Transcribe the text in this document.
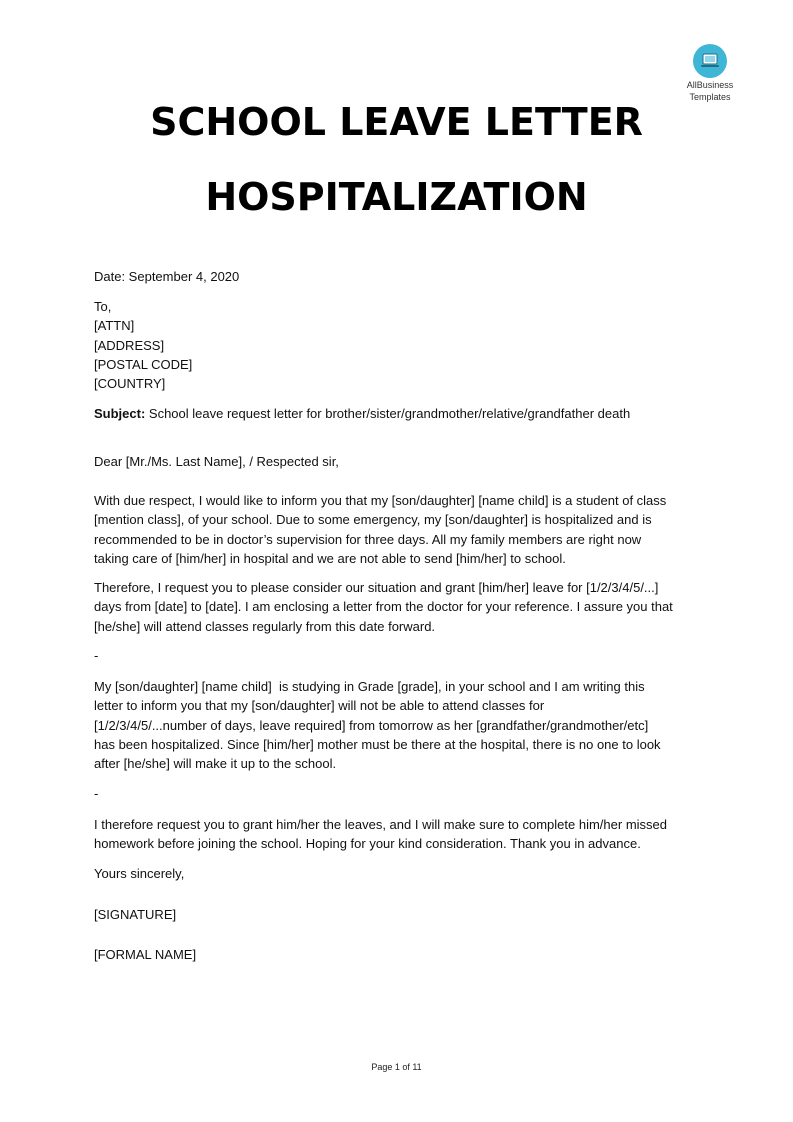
AllBusiness
Templates
SCHOOL LEAVE LETTER
HOSPITALIZATION
Date: September 4, 2020
To,
[ATTN]
[ADDRESS]
[POSTAL CODE]
[COUNTRY]
Subject: School leave request letter for brother/sister/grandmother/relative/grandfather death
Dear [Mr./Ms. Last Name], / Respected sir,
With due respect, I would like to inform you that my [son/daughter] [name child] is a student of class
[mention class], of your school. Due to some emergency, my [son/daughter] is hospitalized and is
recommended to be in doctor’s supervision for three days. All my family members are right now
taking care of [him/her] in hospital and we are not able to send [him/her] to school.
Therefore, I request you to please consider our situation and grant [him/her] leave for [1/2/3/4/5/...]
days from [date] to [date]. I am enclosing a letter from the doctor for your reference. I assure you that
[he/she] will attend classes regularly from this date forward.
-
My [son/daughter] [name child]  is studying in Grade [grade], in your school and I am writing this
letter to inform you that my [son/daughter] will not be able to attend classes for
[1/2/3/4/5/...number of days, leave required] from tomorrow as her [grandfather/grandmother/etc]
has been hospitalized. Since [him/her] mother must be there at the hospital, there is no one to look
after [he/she] will make it up to the school.
-
I therefore request you to grant him/her the leaves, and I will make sure to complete him/her missed
homework before joining the school. Hoping for your kind consideration. Thank you in advance.
Yours sincerely,
[SIGNATURE]
[FORMAL NAME]
Page 1 of 11
